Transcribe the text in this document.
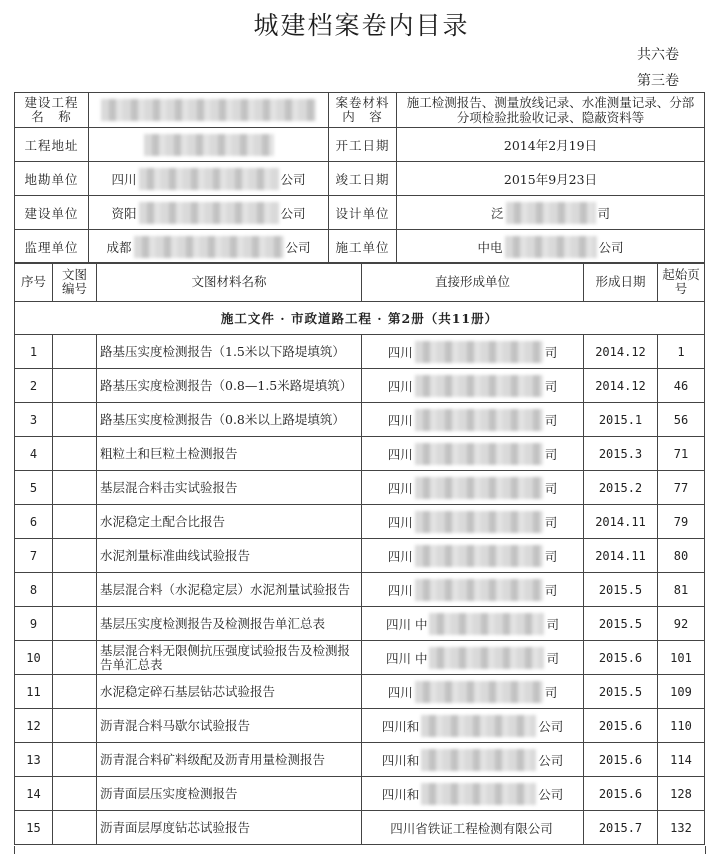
城建档案卷内目录
共六卷
第三卷
建设工程名　称		案卷材料内　容	施工检测报告、测量放线记录、水准测量记录、分部分项检验批验收记录、隐蔽资料等
工程地址		开工日期	2014年2月19日
地勘单位	四川 公司	竣工日期	2015年9月23日
建设单位	资阳 公司	设计单位	泛 司

监理单位	成都 公司	施工单位	中电 公司
序号	文图编号	文图材料名称	直接形成单位	形成日期	起始页号
施工文件 · 市政道路工程 · 第2册（共11册）					
1		路基压实度检测报告（1.5米以下路堤填筑）	四川 司	2014.12	1
2		路基压实度检测报告（0.8—1.5米路堤填筑）	四川 司	2014.12	46
3		路基压实度检测报告（0.8米以上路堤填筑）	四川 司	2015.1	56
4		粗粒土和巨粒土检测报告	四川 司	2015.3	71
5		基层混合料击实试验报告	四川 司	2015.2	77
6		水泥稳定土配合比报告	四川 司	2014.11	79
7		水泥剂量标准曲线试验报告	四川 司	2014.11	80
8		基层混合料（水泥稳定层）水泥剂量试验报告	四川 司	2015.5	81
9		基层压实度检测报告及检测报告单汇总表	四川 中 司	2015.5	92
10		基层混合料无限侧抗压强度试验报告及检测报告单汇总表	四川 中 司	2015.6	101
11		水泥稳定碎石基层钻芯试验报告	四川 司	2015.5	109
12		沥青混合料马歇尔试验报告	四川和 公司	2015.6	110
13		沥青混合料矿料级配及沥青用量检测报告	四川和 公司	2015.6	114
14		沥青面层压实度检测报告	四川和 公司	2015.6	128
15		沥青面层厚度钻芯试验报告	四川省铁证工程检测有限公司	2015.7	132
